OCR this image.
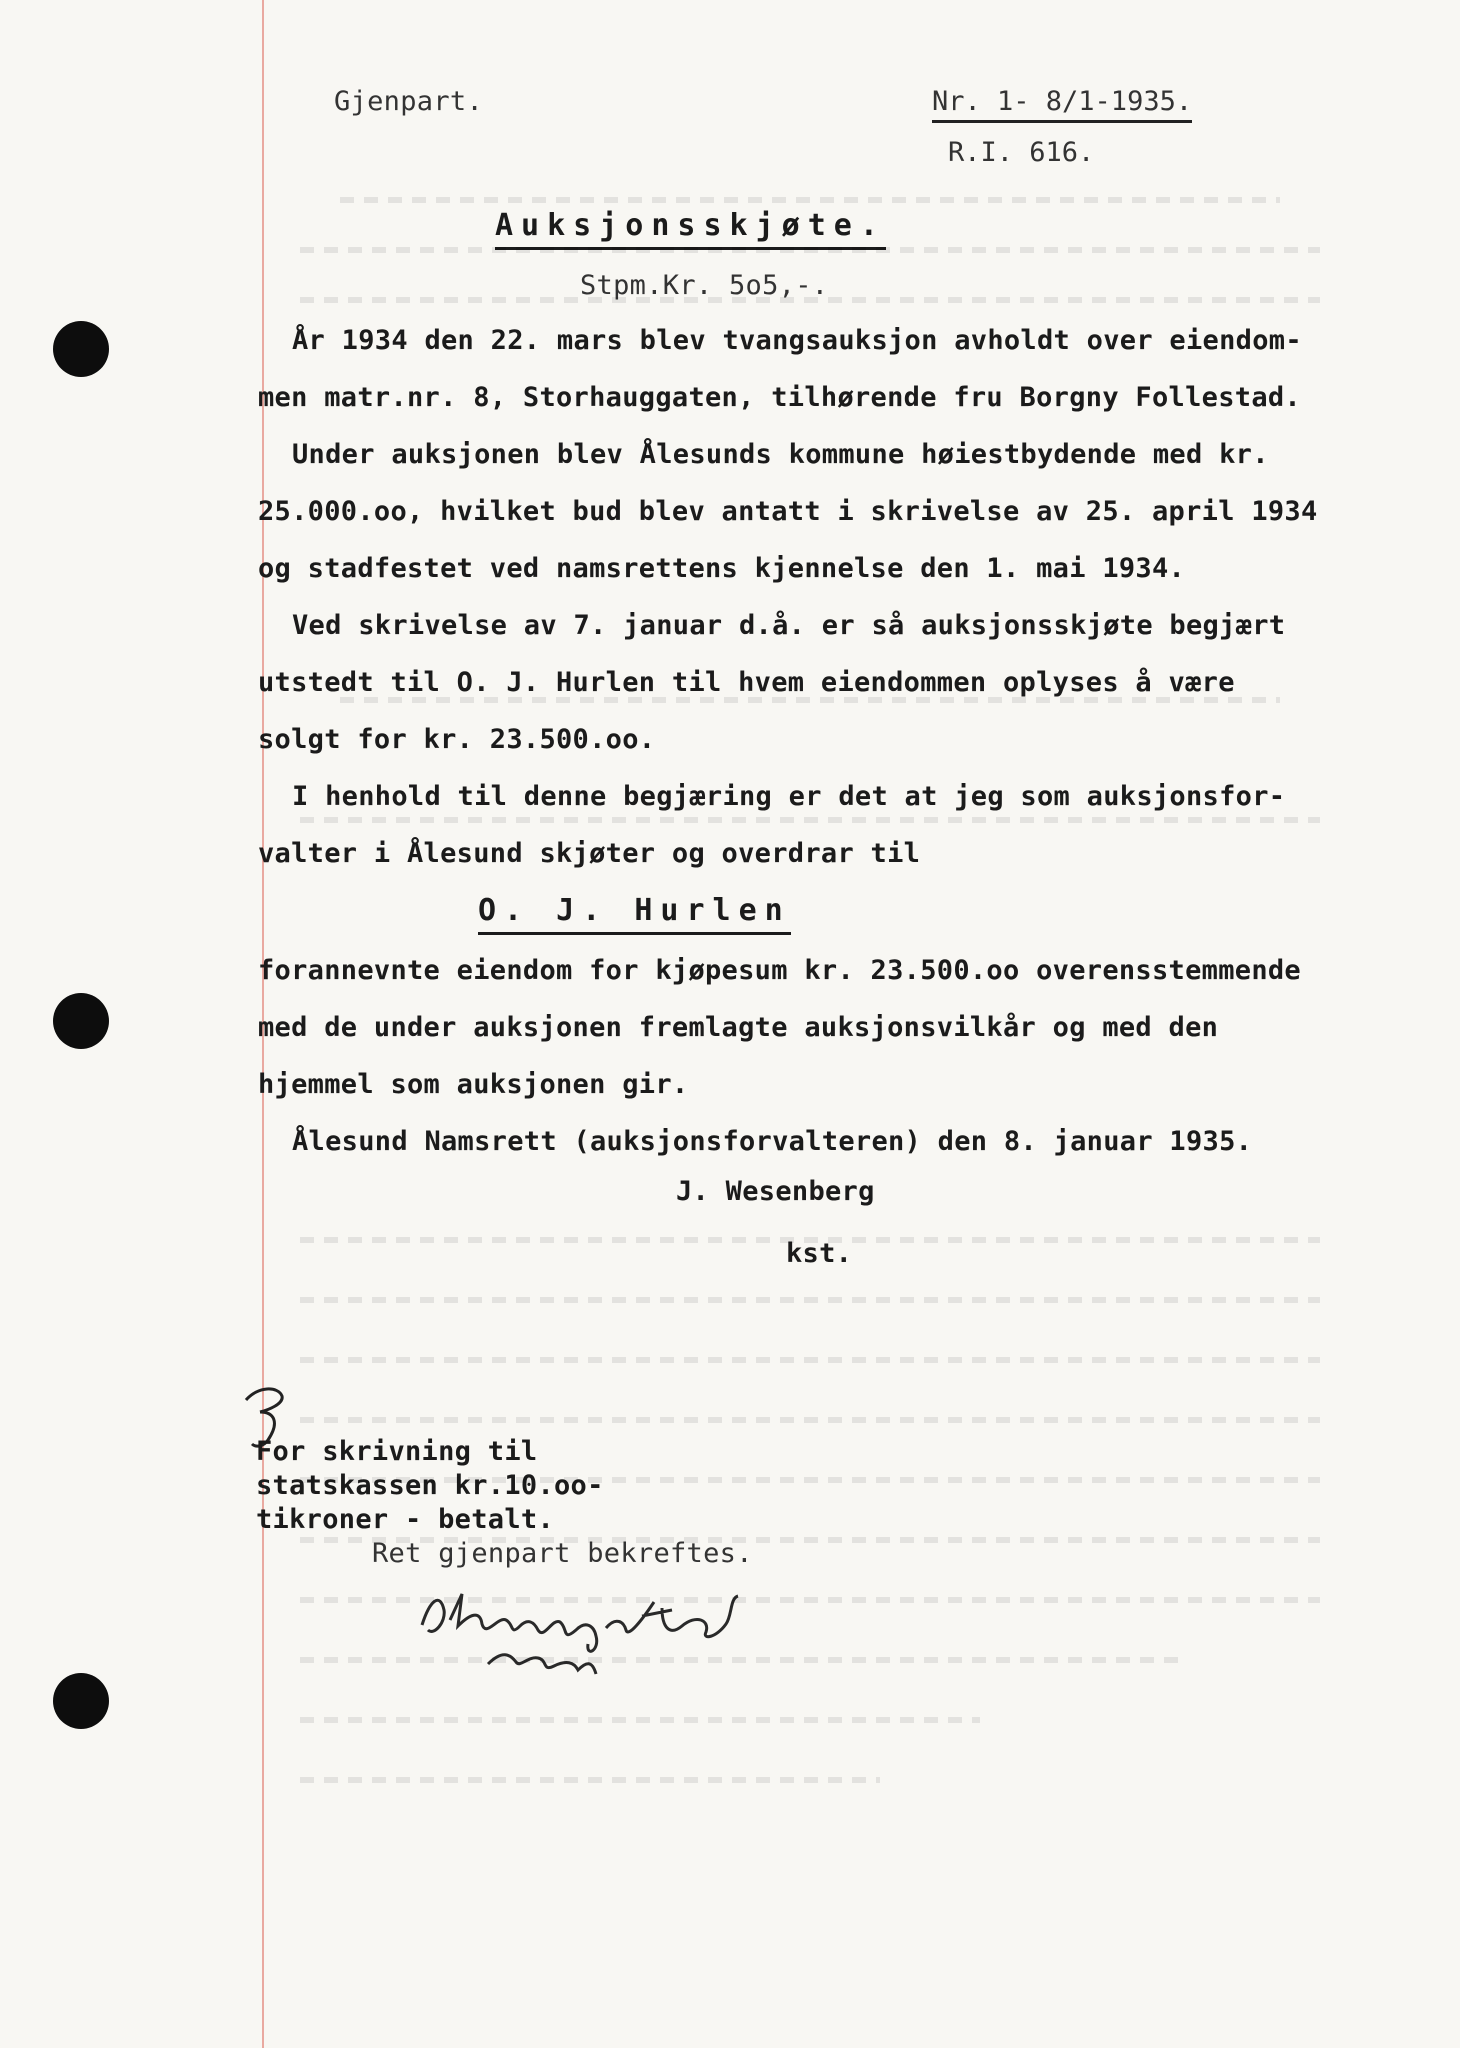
Gjenpart.	Nr. 1- 8/1-1935.
R.I. 616.
Auksjonsskjøte.
Stpm.Kr. 5o5,-.
År 1934 den 22. mars blev tvangsauksjon avholdt over eiendom-
men matr.nr. 8, Storhauggaten, tilhørende fru Borgny Follestad.
Under auksjonen blev Ålesunds kommune høiestbydende med kr.
25.000.oo, hvilket bud blev antatt i skrivelse av 25. april 1934
og stadfestet ved namsrettens kjennelse den 1. mai 1934.
Ved skrivelse av 7. januar d.å. er så auksjonsskjøte begjært
utstedt til O. J. Hurlen til hvem eiendommen oplyses å være
solgt for kr. 23.500.oo.
I henhold til denne begjæring er det at jeg som auksjonsfor-
valter i Ålesund skjøter og overdrar til
O. J. Hurlen
forannevnte eiendom for kjøpesum kr. 23.500.oo overensstemmende
med de under auksjonen fremlagte auksjonsvilkår og med den
hjemmel som auksjonen gir.
Ålesund Namsrett (auksjonsforvalteren) den 8. januar 1935.
J. Wesenberg
kst.
For skrivning til
statskassen kr.10.oo-
tikroner - betalt.
Ret gjenpart bekreftes.
